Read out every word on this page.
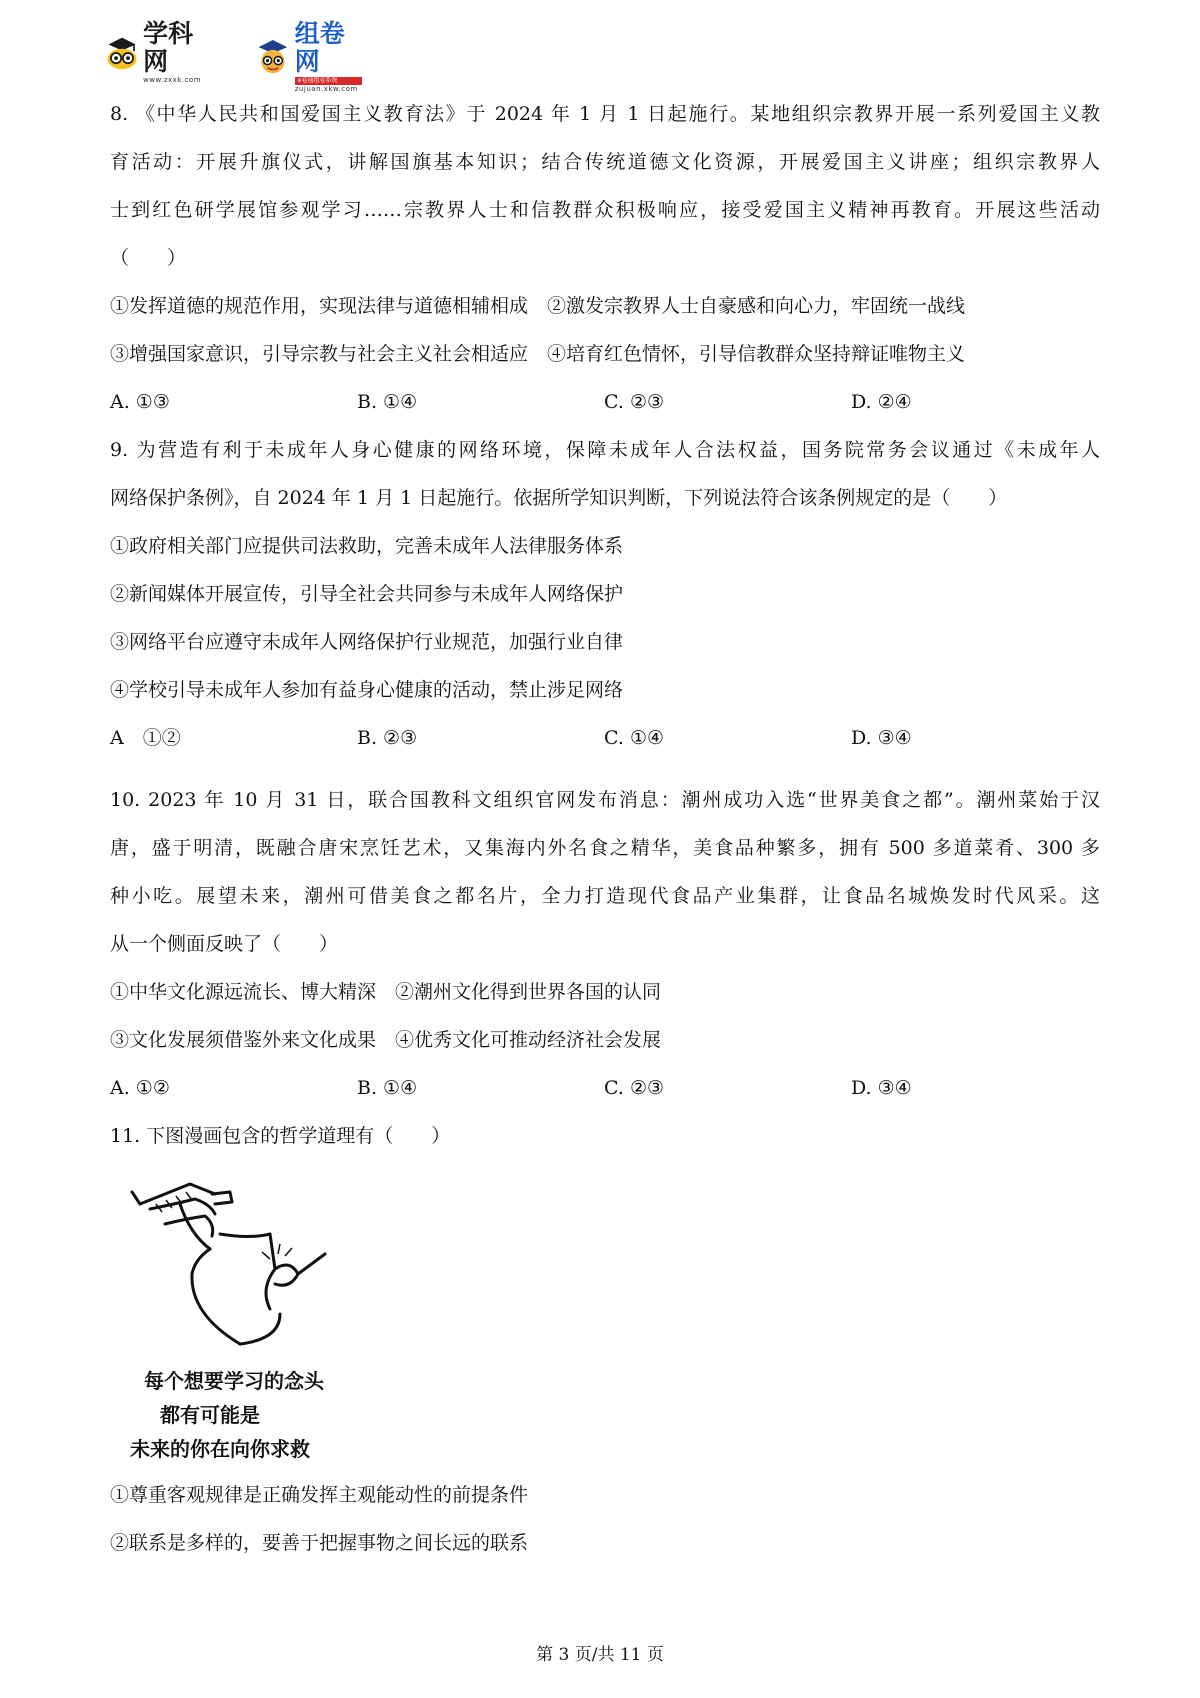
学科网
www.zxxk.com
组卷网
e卷通组卷系统
zujuan.xkw.com

8. 《中华人民共和国爱国主义教育法》于 2024 年 1 月 1 日起施行。某地组织宗教界开展一系列爱国主义教

育活动：开展升旗仪式，讲解国旗基本知识；结合传统道德文化资源，开展爱国主义讲座；组织宗教界人

士到红色研学展馆参观学习……宗教界人士和信教群众积极响应，接受爱国主义精神再教育。开展这些活动

（　　）

①发挥道德的规范作用，实现法律与道德相辅相成　②激发宗教界人士自豪感和向心力，牢固统一战线

③增强国家意识，引导宗教与社会主义社会相适应　④培育红色情怀，引导信教群众坚持辩证唯物主义

A. ①③	B. ①④	C. ②③	D. ②④

9. 为营造有利于未成年人身心健康的网络环境，保障未成年人合法权益，国务院常务会议通过《未成年人

网络保护条例》，自 2024 年 1 月 1 日起施行。依据所学知识判断，下列说法符合该条例规定的是（　　）

①政府相关部门应提供司法救助，完善未成年人法律服务体系

②新闻媒体开展宣传，引导全社会共同参与未成年人网络保护

③网络平台应遵守未成年人网络保护行业规范，加强行业自律

④学校引导未成年人参加有益身心健康的活动，禁止涉足网络

A　①②	B. ②③	C. ①④	D. ③④

10. 2023 年 10 月 31 日，联合国教科文组织官网发布消息：潮州成功入选“世界美食之都”。潮州菜始于汉

唐，盛于明清，既融合唐宋烹饪艺术，又集海内外名食之精华，美食品种繁多，拥有 500 多道菜肴、300 多

种小吃。展望未来，潮州可借美食之都名片，全力打造现代食品产业集群，让食品名城焕发时代风采。这

从一个侧面反映了（　　）

①中华文化源远流长、博大精深　②潮州文化得到世界各国的认同

③文化发展须借鉴外来文化成果　④优秀文化可推动经济社会发展

A. ①②	B. ①④	C. ②③	D. ③④

11. 下图漫画包含的哲学道理有（　　）

每个想要学习的念头
都有可能是
未来的你在向你求救

①尊重客观规律是正确发挥主观能动性的前提条件

②联系是多样的，要善于把握事物之间长远的联系

第 3 页/共 11 页
